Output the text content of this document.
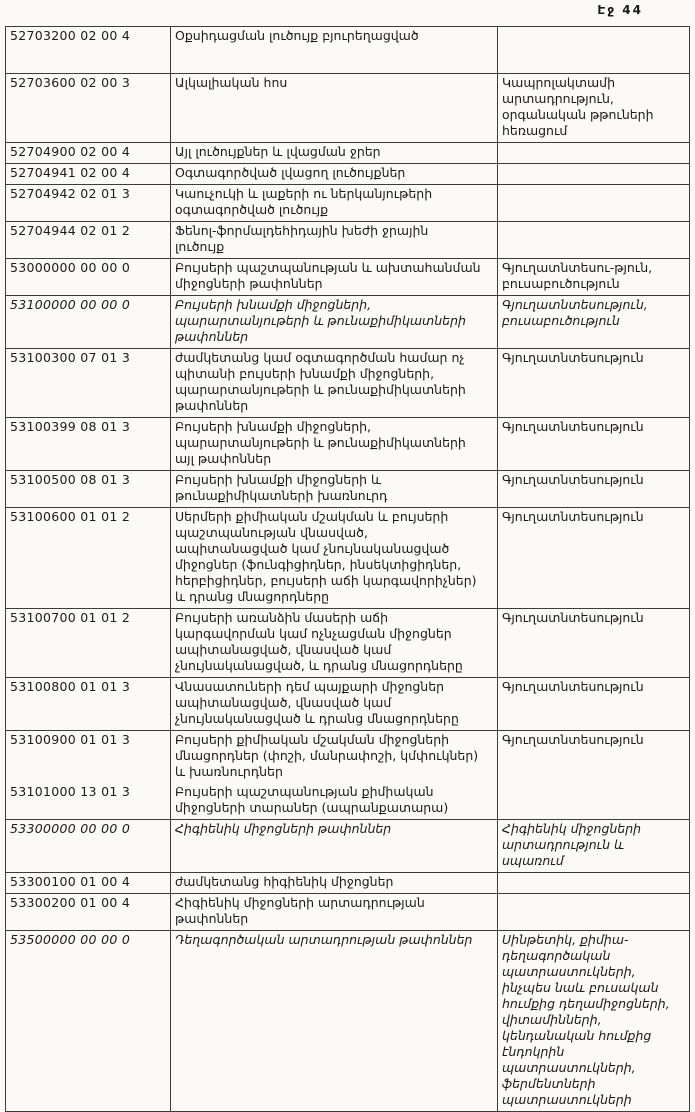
Էջ 44
52703200 02 00 4	Օքսիդացման լուծույք բյուրեղացված	
52703600 02 00 3	Ալկալիական հոս	Կապրոլակտամի արտադրություն, օրգանական թթուների հեռացում
52704900 02 00 4	Այլ լուծույքներ և լվացման ջրեր	
52704941 02 00 4	Օգտագործված լվացող լուծույքներ	
52704942 02 01 3	Կաուչուկի և լաքերի ու ներկանյութերի օգտագործված լուծույք	
52704944 02 01 2	Ֆենոլ-ֆորմալդեհիդային խեժի ջրային լուծույք	
53000000 00 00 0	Բույսերի պաշտպանության և ախտահանման միջոցների թափոններ	Գյուղատնտեսու-թյուն, բուսաբուծություն
53100000 00 00 0	Բույսերի խնամքի միջոցների, պարարտանյութերի և թունաքիմիկատների թափոններ	Գյուղատնտեսություն, բուսաբուծություն
53100300 07 01 3	ժամկետանց կամ օգտագործման համար ոչ պիտանի բույսերի խնամքի միջոցների, պարարտանյութերի և թունաքիմիկատների թափոններ	Գյուղատնտեսություն
53100399 08 01 3	Բույսերի խնամքի միջոցների, պարարտանյութերի և թունաքիմիկատների այլ թափոններ	Գյուղատնտեսություն
53100500 08 01 3	Բույսերի խնամքի միջոցների և թունաքիմիկատների խառնուրդ	Գյուղատնտեսություն
53100600 01 01 2	Սերմերի քիմիական մշակման և բույսերի պաշտպանության վնասված, ապիտանացված կամ չնույնականացված միջոցներ (ֆունգիցիդներ, ինսեկտիցիդներ, հերբիցիդներ, բույսերի աճի կարգավորիչներ) և դրանց մնացորդները	Գյուղատնտեսություն
53100700 01 01 2	Բույսերի առանձին մասերի աճի կարգավորման կամ ոչնչացման միջոցներ ապիտանացված, վնասված կամ չնույնականացված, և դրանց մնացորդները	Գյուղատնտեսություն
53100800 01 01 3	Վնասատուների դեմ պայքարի միջոցներ ապիտանացված, վնասված կամ չնույնականացված և դրանց մնացորդները	Գյուղատնտեսություն
53100900 01 01 3	Բույսերի քիմիական մշակման միջոցների մնացորդներ (փոշի, մանրափոշի, կմփուկներ) և խառնուրդներ	Գյուղատնտեսություն
53101000 13 01 3	Բույսերի պաշտպանության քիմիական միջոցների տարաներ (ապրանքատարա)	
53300000 00 00 0	Հիգիենիկ միջոցների թափոններ	Հիգիենիկ միջոցների արտադրություն և սպառում
53300100 01 00 4	ժամկետանց հիգիենիկ միջոցներ	
53300200 01 00 4	Հիգիենիկ միջոցների արտադրության թափոններ	
53500000 00 00 0	Դեղագործական արտադրության թափոններ	Սինթետիկ, քիմիա-դեղագործական պատրաստուկների, ինչպես նաև բուսական հումքից դեղամիջոցների, վիտամինների, կենդանական հումքից էնդոկրին պատրաստուկների, ֆերմենտների պատրաստուկների
